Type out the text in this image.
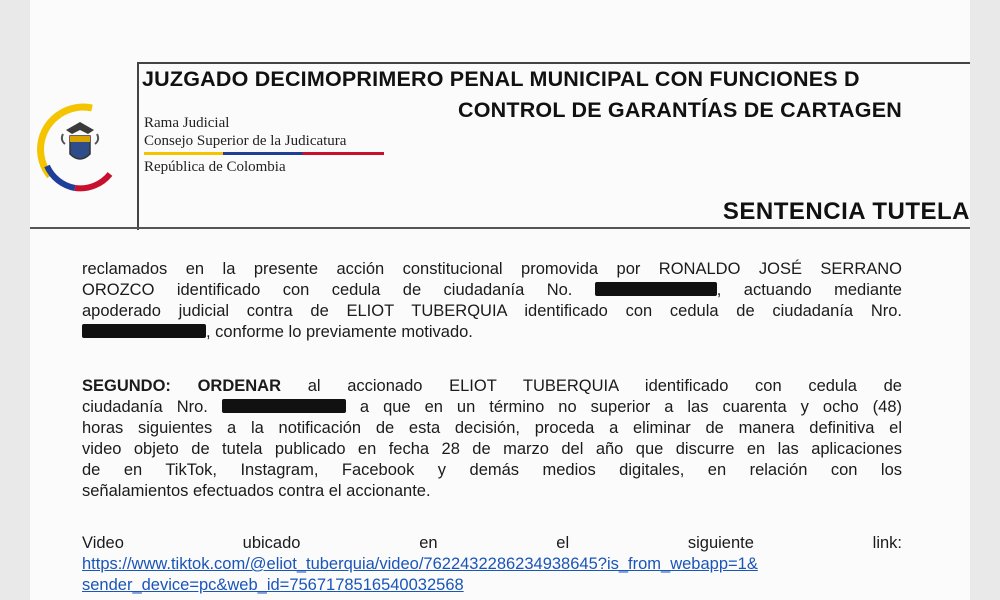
JUZGADO DECIMOPRIMERO PENAL MUNICIPAL CON FUNCIONES D
CONTROL DE GARANTÍAS DE CARTAGEN
Rama Judicial
Consejo Superior de la Judicatura
República de Colombia
SENTENCIA TUTELA
reclamados en la presente acción constitucional promovida por RONALDO JOSÉ SERRANO
OROZCO identificado con cedula de ciudadanía No.	, actuando mediante
apoderado judicial contra de ELIOT TUBERQUIA identificado con cedula de ciudadanía Nro.
, conforme lo previamente motivado.
SEGUNDO: ORDENAR al accionado ELIOT TUBERQUIA identificado con cedula de
ciudadanía Nro.	a que en un término no superior a las cuarenta y ocho (48)
horas siguientes a la notificación de esta decisión, proceda a eliminar de manera definitiva el
video objeto de tutela publicado en fecha 28 de marzo del año que discurre en las aplicaciones
de en TikTok, Instagram, Facebook y demás medios digitales, en relación con los
señalamientos efectuados contra el accionante.
Video	ubicado	en	el	siguiente	link:
https://www.tiktok.com/@eliot_tuberquia/video/7622432286234938645?is_from_webapp=1&
sender_device=pc&web_id=7567178516540032568
